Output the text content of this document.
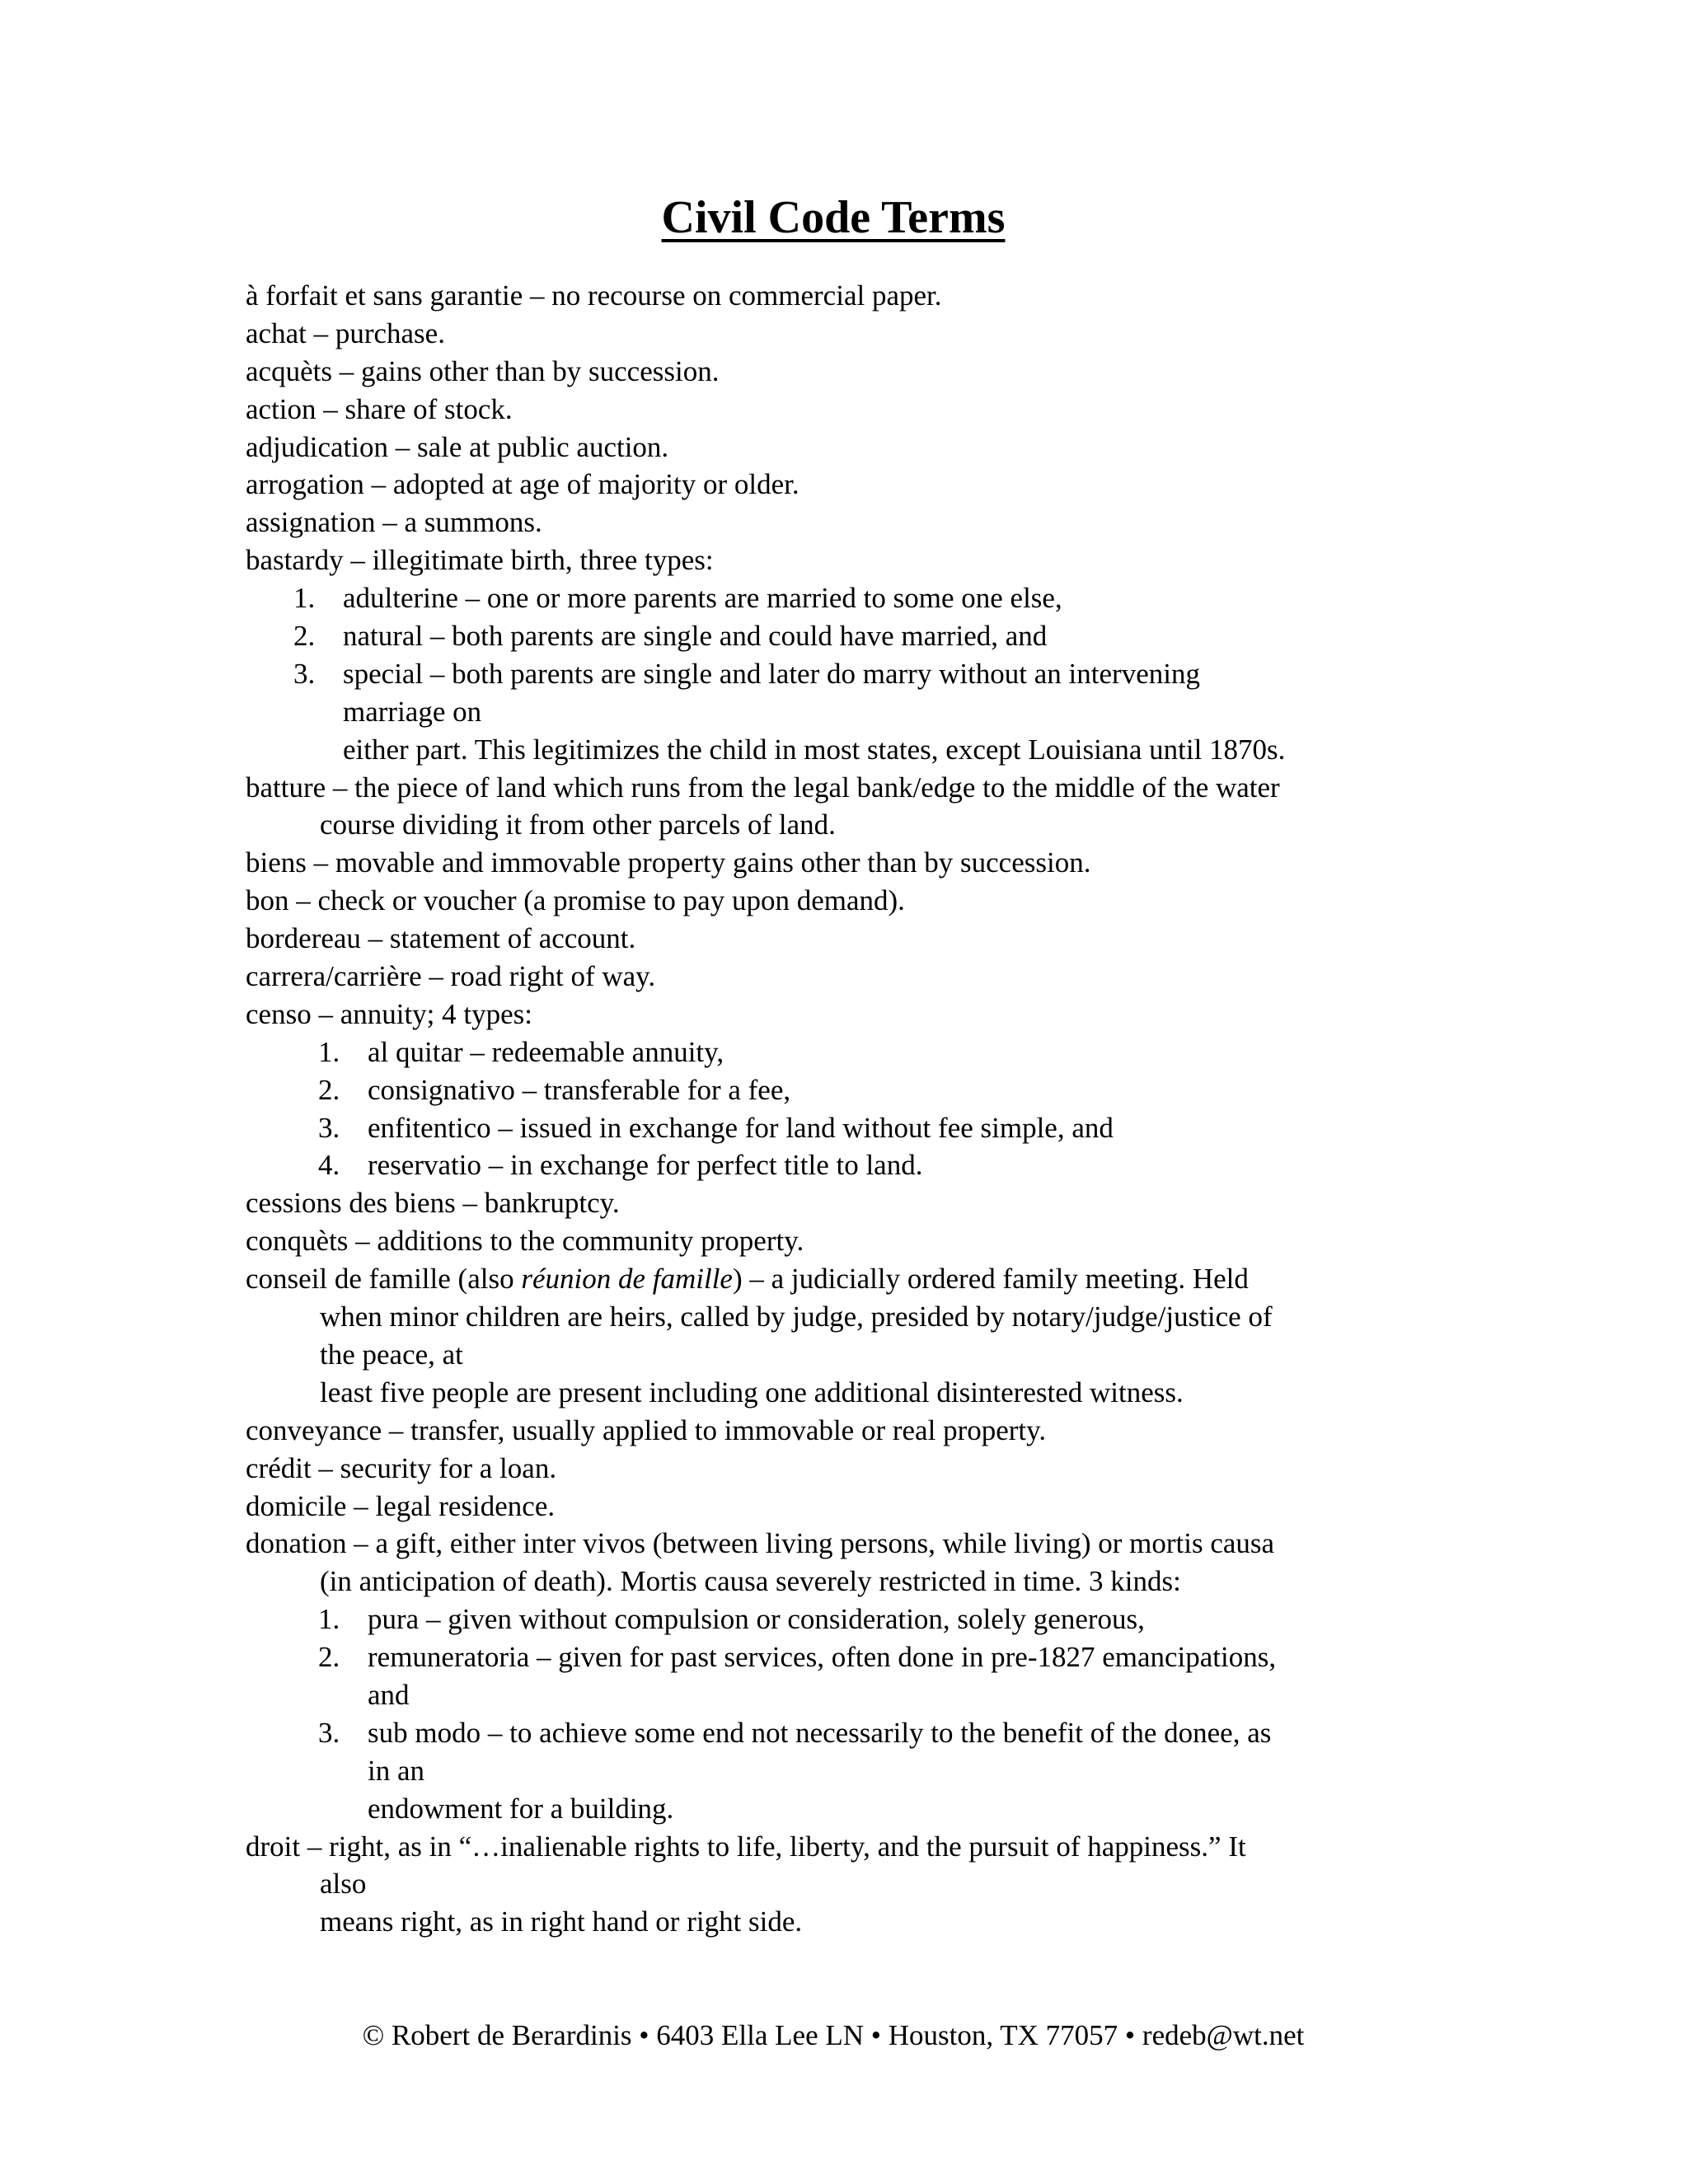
Civil Code Terms
à forfait et sans garantie – no recourse on commercial paper.
achat – purchase.
acquèts – gains other than by succession.
action – share of stock.
adjudication – sale at public auction.
arrogation – adopted at age of majority or older.
assignation – a summons.
bastardy – illegitimate birth, three types:
1. adulterine – one or more parents are married to some one else,
2. natural – both parents are single and could have married, and
3. special – both parents are single and later do marry without an intervening
marriage on
either part. This legitimizes the child in most states, except Louisiana until 1870s.
batture – the piece of land which runs from the legal bank/edge to the middle of the water
course dividing it from other parcels of land.
biens – movable and immovable property gains other than by succession.
bon – check or voucher (a promise to pay upon demand).
bordereau – statement of account.
carrera/carrière – road right of way.
censo – annuity; 4 types:
1. al quitar – redeemable annuity,
2. consignativo – transferable for a fee,
3. enfitentico – issued in exchange for land without fee simple, and
4. reservatio – in exchange for perfect title to land.
cessions des biens – bankruptcy.
conquèts – additions to the community property.
conseil de famille (also réunion de famille) – a judicially ordered family meeting. Held
when minor children are heirs, called by judge, presided by notary/judge/justice of
the peace, at
least five people are present including one additional disinterested witness.
conveyance – transfer, usually applied to immovable or real property.
crédit – security for a loan.
domicile – legal residence.
donation – a gift, either inter vivos (between living persons, while living) or mortis causa
(in anticipation of death). Mortis causa severely restricted in time. 3 kinds:
1. pura – given without compulsion or consideration, solely generous,
2. remuneratoria – given for past services, often done in pre-1827 emancipations,
and
3. sub modo – to achieve some end not necessarily to the benefit of the donee, as
in an
endowment for a building.
droit – right, as in “…inalienable rights to life, liberty, and the pursuit of happiness.” It
also
means right, as in right hand or right side.
© Robert de Berardinis • 6403 Ella Lee LN • Houston, TX 77057 • redeb@wt.net
